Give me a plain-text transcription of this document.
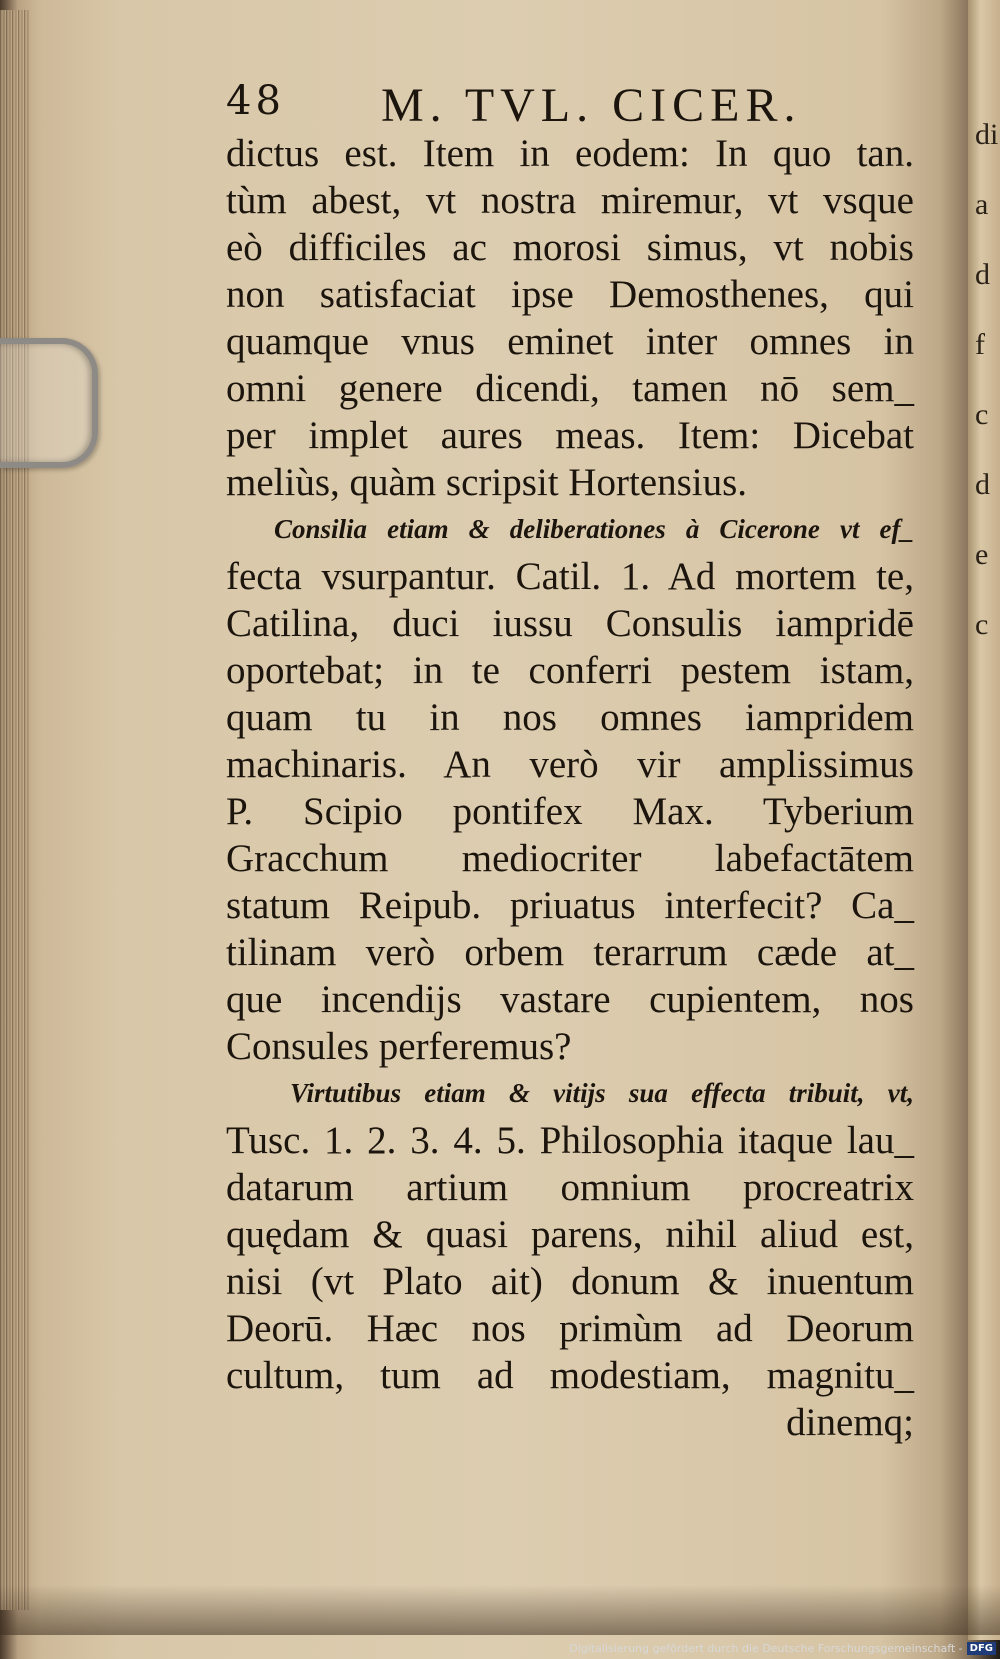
di
a
d
f
c
d
e
c
48 M. TVL. CICER.
dictus est. Item in eodem: In quo tan.
tùm abest, vt nostra miremur, vt vsque
eò difficiles ac morosi simus, vt nobis
non satisfaciat ipse Demosthenes, qui
quamque vnus eminet inter omnes in
omni genere dicendi, tamen nō sem_
per implet aures meas. Item: Dicebat
meliùs, quàm scripsit Hortensius.
Consilia etiam & deliberationes à Cicerone vt ef_
fecta vsurpantur. Catil. 1. Ad mortem te,
Catilina, duci iussu Consulis iampridē
oportebat; in te conferri pestem istam,
quam tu in nos omnes iampridem
machinaris. An verò vir amplissimus
P. Scipio pontifex Max. Tyberium
Gracchum mediocriter labefactātem
statum Reipub. priuatus interfecit? Ca_
tilinam verò orbem terarrum cæde at_
que incendijs vastare cupientem, nos
Consules perferemus?
Virtutibus etiam & vitijs sua effecta tribuit, vt,
Tusc. 1. 2. 3. 4. 5. Philosophia itaque lau_
datarum artium omnium procreatrix
quędam & quasi parens, nihil aliud est,
nisi (vt Plato ait) donum & inuentum
Deorū. Hæc nos primùm ad Deorum
cultum, tum ad modestiam, magnitu_
dinemq;
Digitalisierung gefördert durch die Deutsche Forschungsgemeinschaft - DFG
